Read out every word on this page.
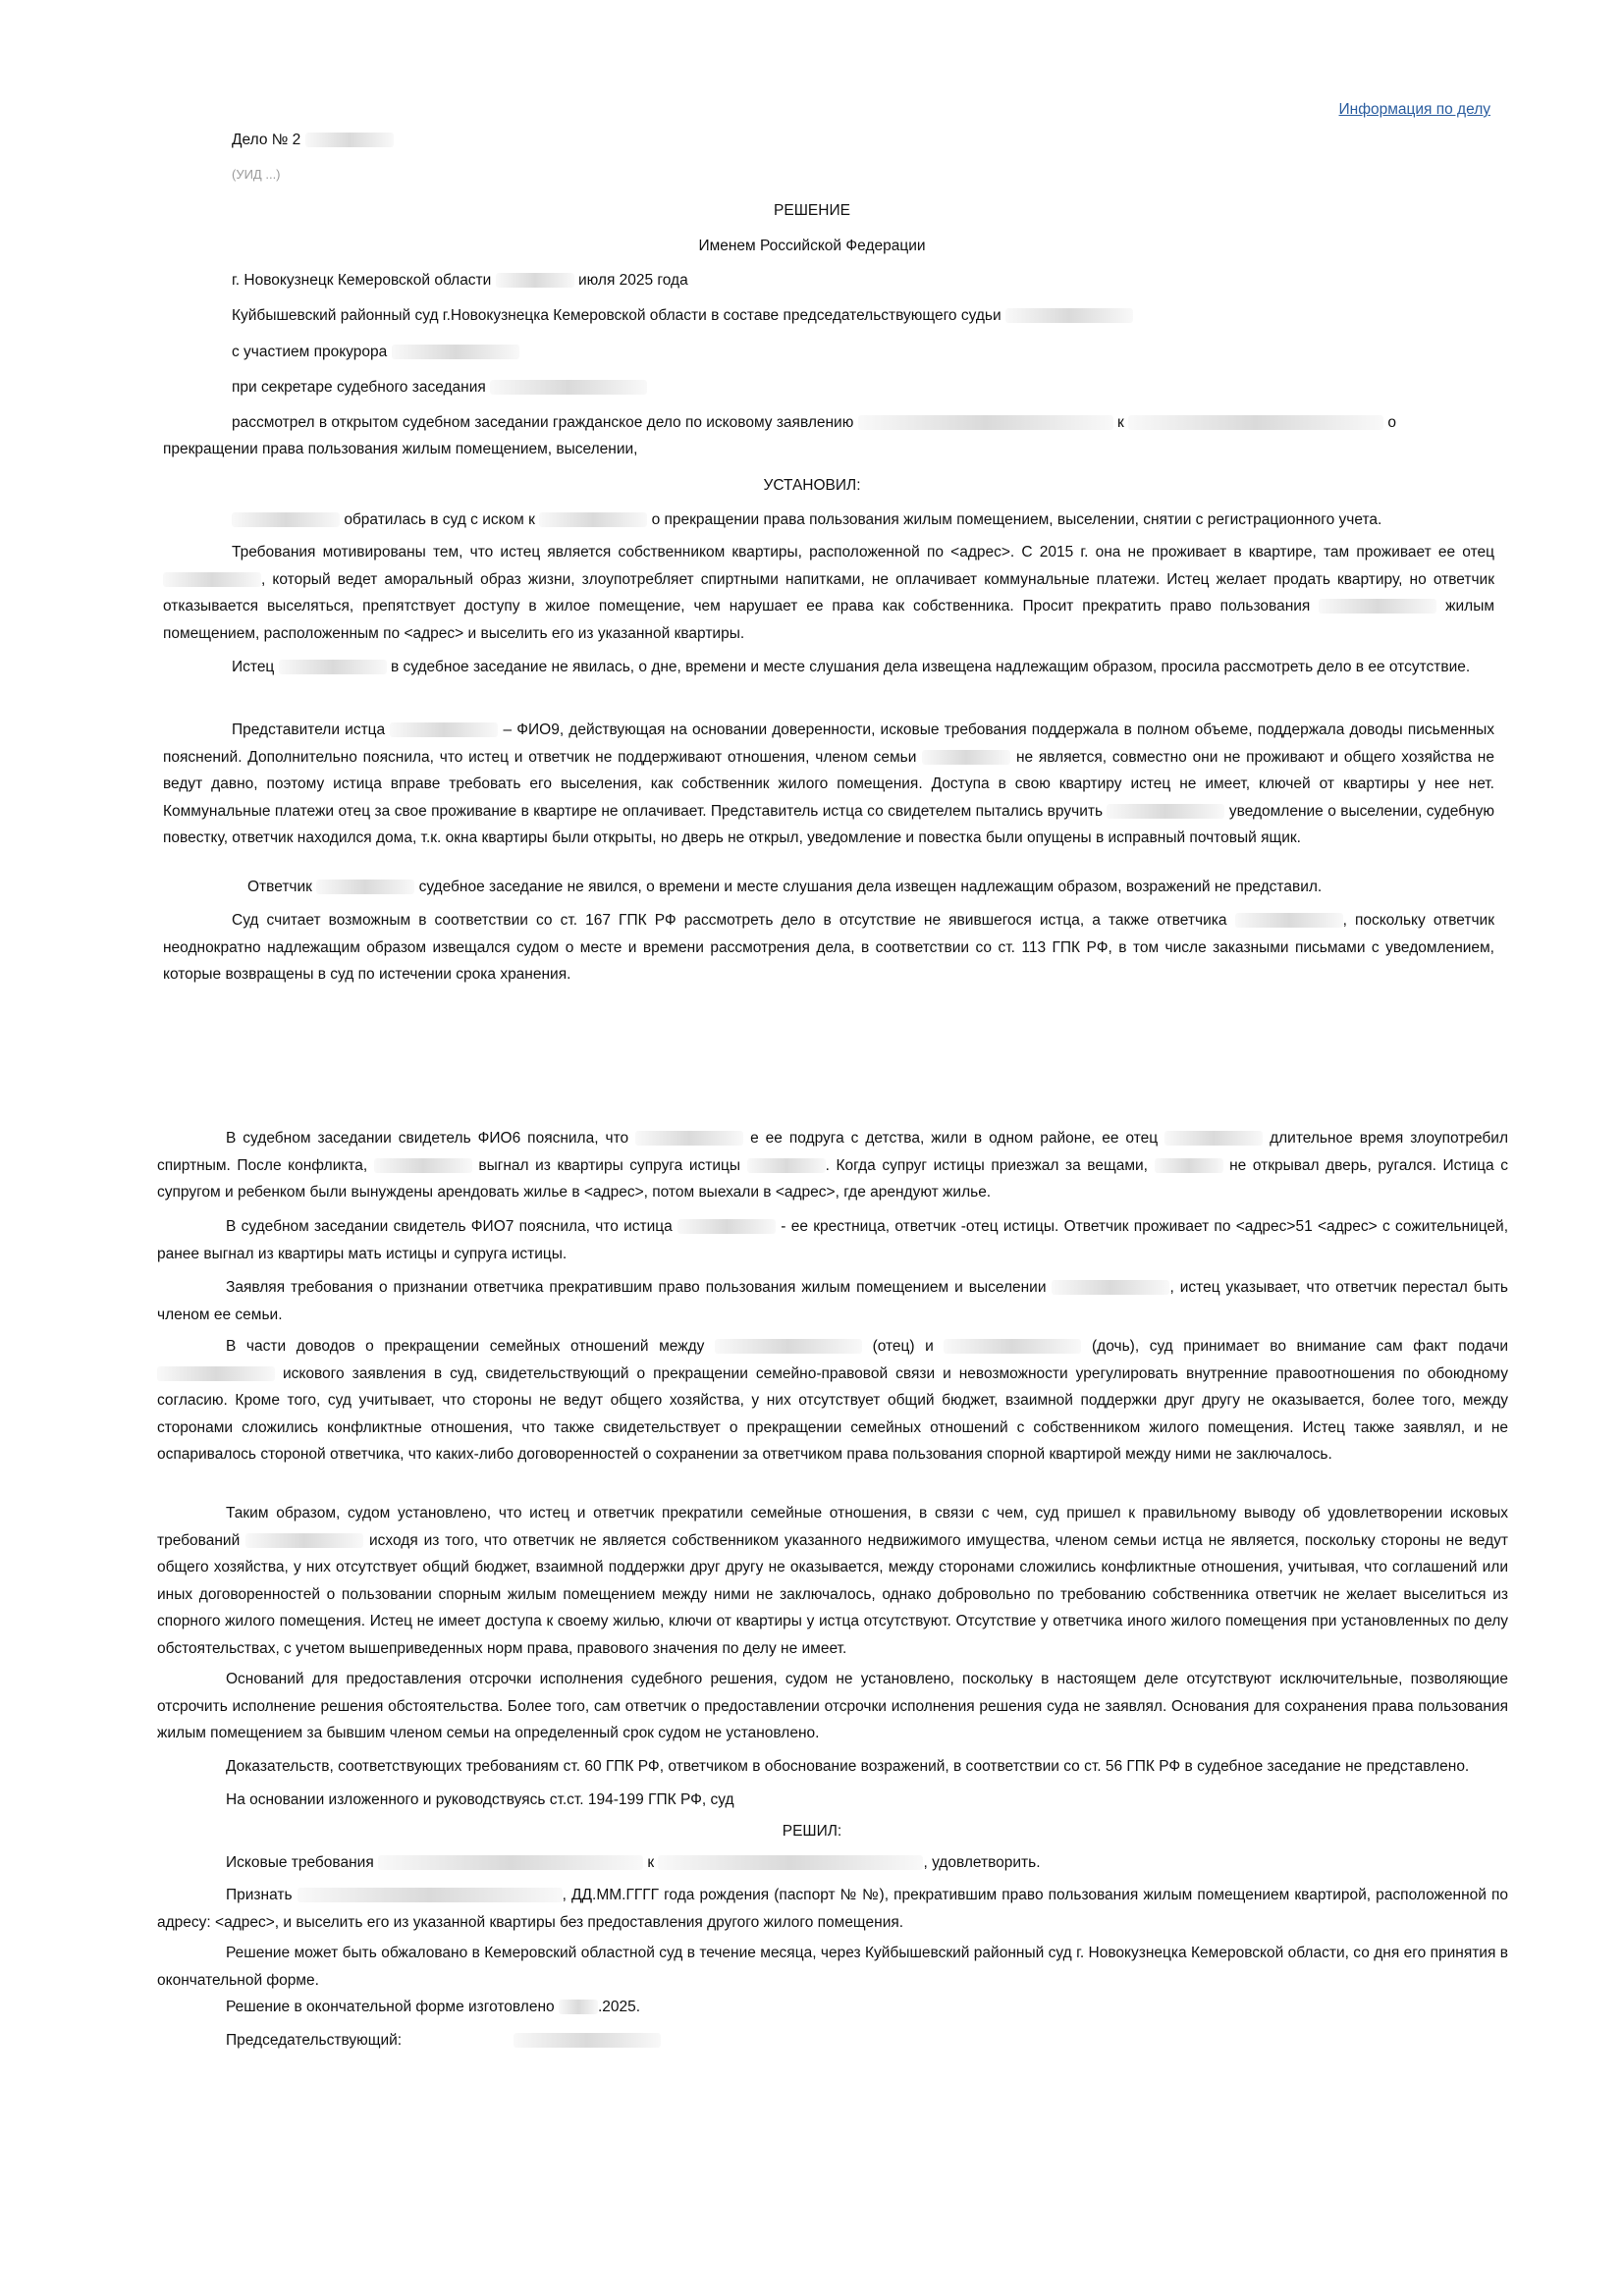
Информация по делу
Дело № 2
(УИД ...)
РЕШЕНИЕ
Именем Российской Федерации
г. Новокузнецк Кемеровской области	июля 2025 года
Куйбышевский районный суд г.Новокузнецка Кемеровской области в составе председательствующего судьи
с участием прокурора
при секретаре судебного заседания
рассмотрел в открытом судебном заседании гражданское дело по исковому заявлению	к	о
прекращении права пользования жилым помещением, выселении,
УСТАНОВИЛ:
обратилась в суд с иском к	о прекращении права пользования жилым помещением, выселении, снятии с регистрационного учета.
Требования мотивированы тем, что истец является собственником квартиры, расположенной по <адрес>. С 2015 г. она не проживает в квартире, там проживает ее отец , который ведет аморальный образ жизни, злоупотребляет спиртными напитками, не оплачивает коммунальные платежи. Истец желает продать квартиру, но ответчик отказывается выселяться, препятствует доступу в жилое помещение, чем нарушает ее права как собственника. Просит прекратить право пользования	жилым помещением, расположенным по <адрес> и выселить его из указанной квартиры.
Истец	в судебное заседание не явилась, о дне, времени и месте слушания дела извещена надлежащим образом, просила рассмотреть дело в ее отсутствие.
Представители истца	– ФИО9, действующая на основании доверенности, исковые требования поддержала в полном объеме, поддержала доводы письменных пояснений. Дополнительно пояснила, что истец и ответчик не поддерживают отношения, членом семьи	не является, совместно они не проживают и общего хозяйства не ведут давно, поэтому истица вправе требовать его выселения, как собственник жилого помещения. Доступа в свою квартиру истец не имеет, ключей от квартиры у нее нет. Коммунальные платежи отец за свое проживание в квартире не оплачивает. Представитель истца со свидетелем пытались вручить	уведомление о выселении, судебную повестку, ответчик находился дома, т.к. окна квартиры были открыты, но дверь не открыл, уведомление и повестка были опущены в исправный почтовый ящик.
Ответчик	судебное заседание не явился, о времени и месте слушания дела извещен надлежащим образом, возражений не представил.
Суд считает возможным в соответствии со ст. 167 ГПК РФ рассмотреть дело в отсутствие не явившегося истца, а также ответчика	, поскольку ответчик неоднократно надлежащим образом извещался судом о месте и времени рассмотрения дела, в соответствии со ст. 113 ГПК РФ, в том числе заказными письмами с уведомлением, которые возвращены в суд по истечении срока хранения.
В судебном заседании свидетель ФИО6 пояснила, что	е ее подруга с детства, жили в одном районе, ее отец	длительное время злоупотребил спиртным. После конфликта,	выгнал из квартиры супруга истицы	. Когда супруг истицы приезжал за вещами,	не открывал дверь, ругался. Истица с супругом и ребенком были вынуждены арендовать жилье в <адрес>, потом выехали в <адрес>, где арендуют жилье.
В судебном заседании свидетель ФИО7 пояснила, что истица	- ее крестница, ответчик -отец истицы. Ответчик проживает по <адрес>51 <адрес> с сожительницей, ранее выгнал из квартиры мать истицы и супруга истицы.
Заявляя требования о признании ответчика прекратившим право пользования жилым помещением и выселении	, истец указывает, что ответчик перестал быть членом ее семьи.
В части доводов о прекращении семейных отношений между	(отец) и	(дочь), суд принимает во внимание сам факт подачи  искового заявления в суд, свидетельствующий о прекращении семейно-правовой связи и невозможности урегулировать внутренние правоотношения по обоюдному согласию. Кроме того, суд учитывает, что стороны не ведут общего хозяйства, у них отсутствует общий бюджет, взаимной поддержки друг другу не оказывается, более того, между сторонами сложились конфликтные отношения, что также свидетельствует о прекращении семейных отношений с собственником жилого помещения. Истец также заявлял, и не оспаривалось стороной ответчика, что каких-либо договоренностей о сохранении за ответчиком права пользования спорной квартирой между ними не заключалось.
Таким образом, судом установлено, что истец и ответчик прекратили семейные отношения, в связи с чем, суд пришел к правильному выводу об удовлетворении исковых требований	исходя из того, что ответчик не является собственником указанного недвижимого имущества, членом семьи истца не является, поскольку стороны не ведут общего хозяйства, у них отсутствует общий бюджет, взаимной поддержки друг другу не оказывается, между сторонами сложились конфликтные отношения, учитывая, что соглашений или иных договоренностей о пользовании спорным жилым помещением между ними не заключалось, однако добровольно по требованию собственника ответчик не желает выселиться из спорного жилого помещения. Истец не имеет доступа к своему жилью, ключи от квартиры у истца отсутствуют. Отсутствие у ответчика иного жилого помещения при установленных по делу обстоятельствах, с учетом вышеприведенных норм права, правового значения по делу не имеет.
Оснований для предоставления отсрочки исполнения судебного решения, судом не установлено, поскольку в настоящем деле отсутствуют исключительные, позволяющие отсрочить исполнение решения обстоятельства. Более того, сам ответчик о предоставлении отсрочки исполнения решения суда не заявлял. Основания для сохранения права пользования жилым помещением за бывшим членом семьи на определенный срок судом не установлено.
Доказательств, соответствующих требованиям ст. 60 ГПК РФ, ответчиком в обоснование возражений, в соответствии со ст. 56 ГПК РФ в судебное заседание не представлено.
На основании изложенного и руководствуясь ст.ст. 194-199 ГПК РФ, суд
РЕШИЛ:
Исковые требования	к	, удовлетворить.
Признать	, ДД.ММ.ГГГГ года рождения (паспорт № №), прекратившим право пользования жилым помещением квартирой, расположенной по адресу: <адрес>, и выселить его из указанной квартиры без предоставления другого жилого помещения.
Решение может быть обжаловано в Кемеровский областной суд в течение месяца, через Куйбышевский районный суд г. Новокузнецка Кемеровской области, со дня его принятия в окончательной форме.
Решение в окончательной форме изготовлено	.2025.
Председательствующий:
